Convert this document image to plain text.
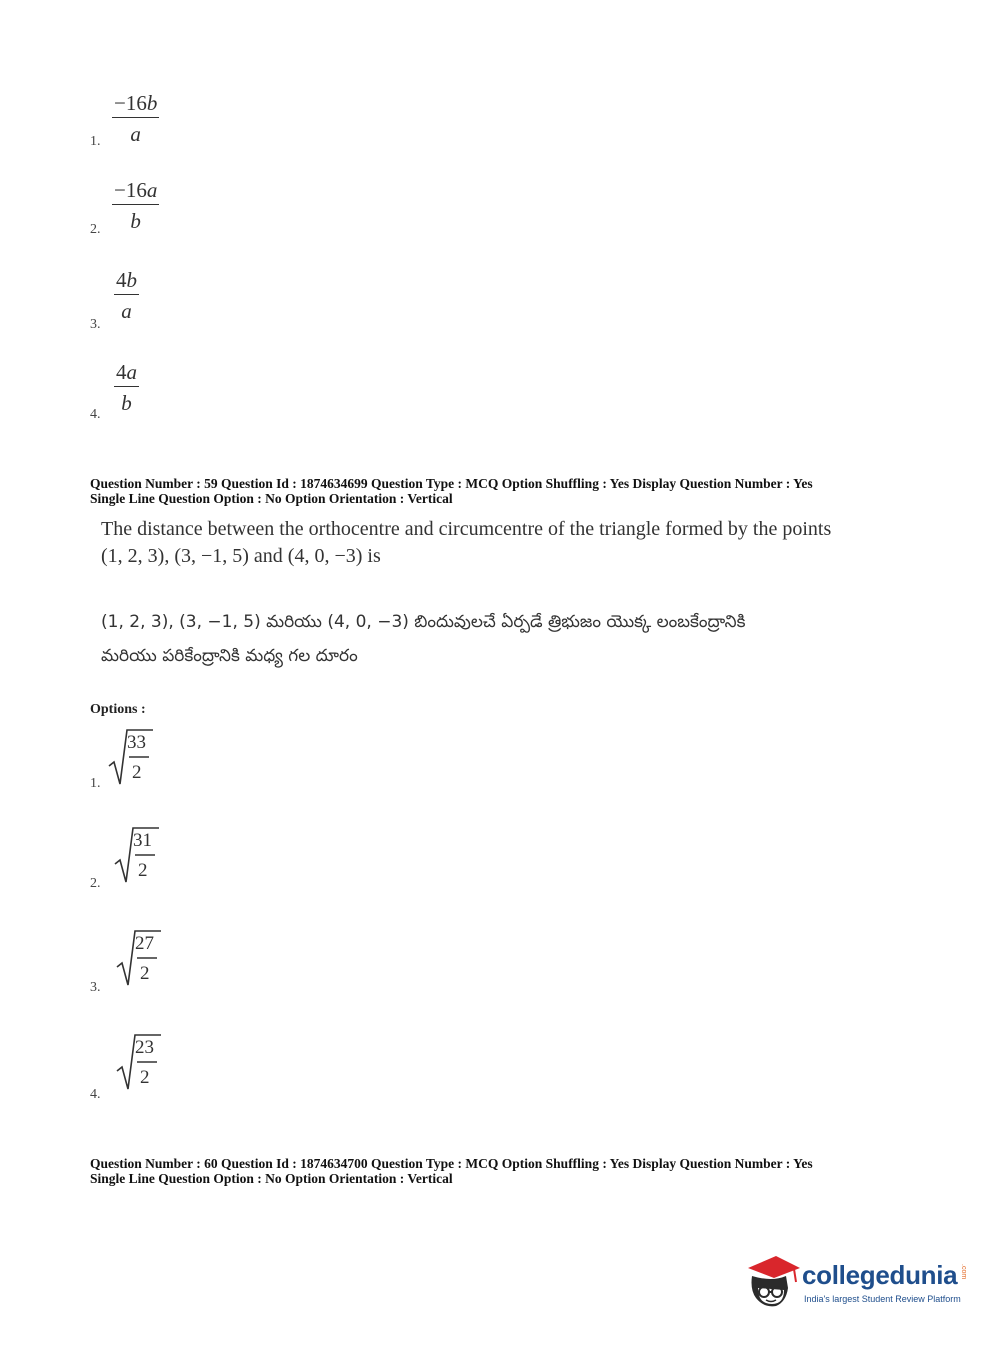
1. $\frac{-16b}{a}$
2. $\frac{-16a}{b}$
3.
$\frac{4b}{a}$
4.
$\frac{4a}{b}$
Question Number : 59 Question Id : 1874634699 Question Type : MCQ Option Shuffling : Yes Display Question Number : Yes
Single Line Question Option : No Option Orientation : Vertical
The distance between the orthocentre and circumcentre of the triangle formed by the points
(1, 2, 3), (3, −1, 5) and (4, 0, −3) is
(1, 2, 3), (3, −1, 5) మరియు (4, 0, −3) బిందువులచే ఏర్పడే త్రిభుజం యొక్క లంబకేంద్రానికి
మరియు పరికేంద్రానికి మధ్య గల దూరం
Options :
1.
33
2
2.
31
2
3.
27
2
4.
23
2
Question Number : 60 Question Id : 1874634700 Question Type : MCQ Option Shuffling : Yes Display Question Number : Yes
Single Line Question Option : No Option Orientation : Vertical
collegedunia .com
India's largest Student Review Platform
